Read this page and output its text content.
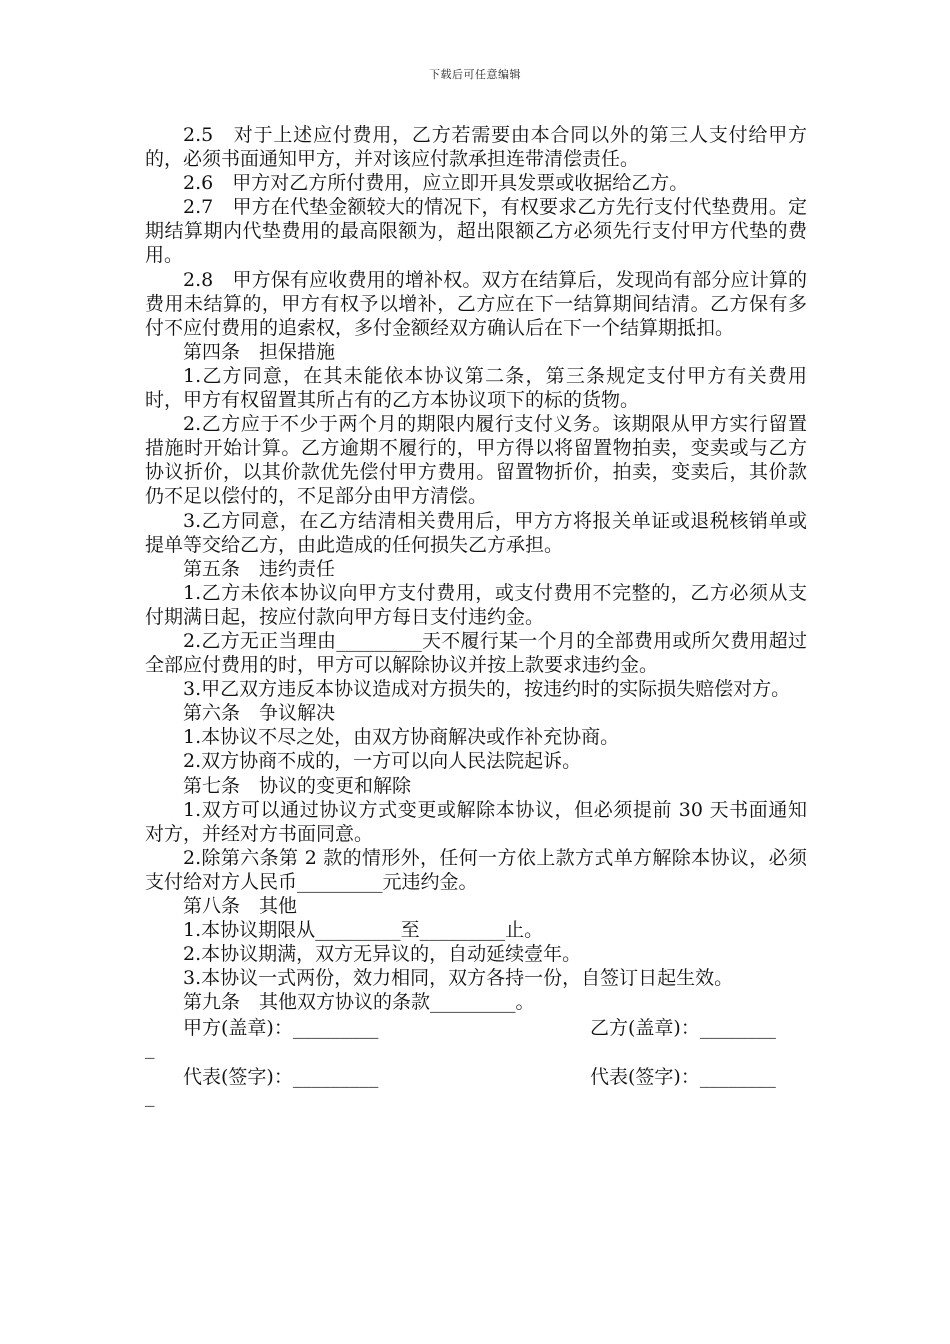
下载后可任意编辑

2.5　对于上述应付费用，乙方若需要由本合同以外的第三人支付给甲方的，必须书面通知甲方，并对该应付款承担连带清偿责任。

2.6　甲方对乙方所付费用，应立即开具发票或收据给乙方。

2.7　甲方在代垫金额较大的情况下，有权要求乙方先行支付代垫费用。定期结算期内代垫费用的最高限额为，超出限额乙方必须先行支付甲方代垫的费用。

2.8　甲方保有应收费用的增补权。双方在结算后，发现尚有部分应计算的费用未结算的，甲方有权予以增补，乙方应在下一结算期间结清。乙方保有多付不应付费用的追索权，多付金额经双方确认后在下一个结算期抵扣。

第四条　担保措施

1.乙方同意，在其未能依本协议第二条，第三条规定支付甲方有关费用时，甲方有权留置其所占有的乙方本协议项下的标的货物。

2.乙方应于不少于两个月的期限内履行支付义务。该期限从甲方实行留置措施时开始计算。乙方逾期不履行的，甲方得以将留置物拍卖，变卖或与乙方协议折价，以其价款优先偿付甲方费用。留置物折价，拍卖，变卖后，其价款仍不足以偿付的，不足部分由甲方清偿。

3.乙方同意，在乙方结清相关费用后，甲方方将报关单证或退税核销单或提单等交给乙方，由此造成的任何损失乙方承担。

第五条　违约责任

1.乙方未依本协议向甲方支付费用，或支付费用不完整的，乙方必须从支付期满日起，按应付款向甲方每日支付违约金。

2.乙方无正当理由_________天不履行某一个月的全部费用或所欠费用超过全部应付费用的时，甲方可以解除协议并按上款要求违约金。

3.甲乙双方违反本协议造成对方损失的，按违约时的实际损失赔偿对方。

第六条　争议解决

1.本协议不尽之处，由双方协商解决或作补充协商。

2.双方协商不成的，一方可以向人民法院起诉。

第七条　协议的变更和解除

1.双方可以通过协议方式变更或解除本协议，但必须提前 30 天书面通知对方，并经对方书面同意。

2.除第六条第 2 款的情形外，任何一方依上款方式单方解除本协议，必须支付给对方人民币_________元违约金。

第八条　其他

1.本协议期限从_________至_________止。

2.本协议期满，双方无异议的，自动延续壹年。

3.本协议一式两份，效力相同，双方各持一份，自签订日起生效。

第九条　其他双方协议的条款_________。

甲方(盖章)：_________	乙方(盖章)：________
_
代表(签字)：_________	代表(签字)：________
_
